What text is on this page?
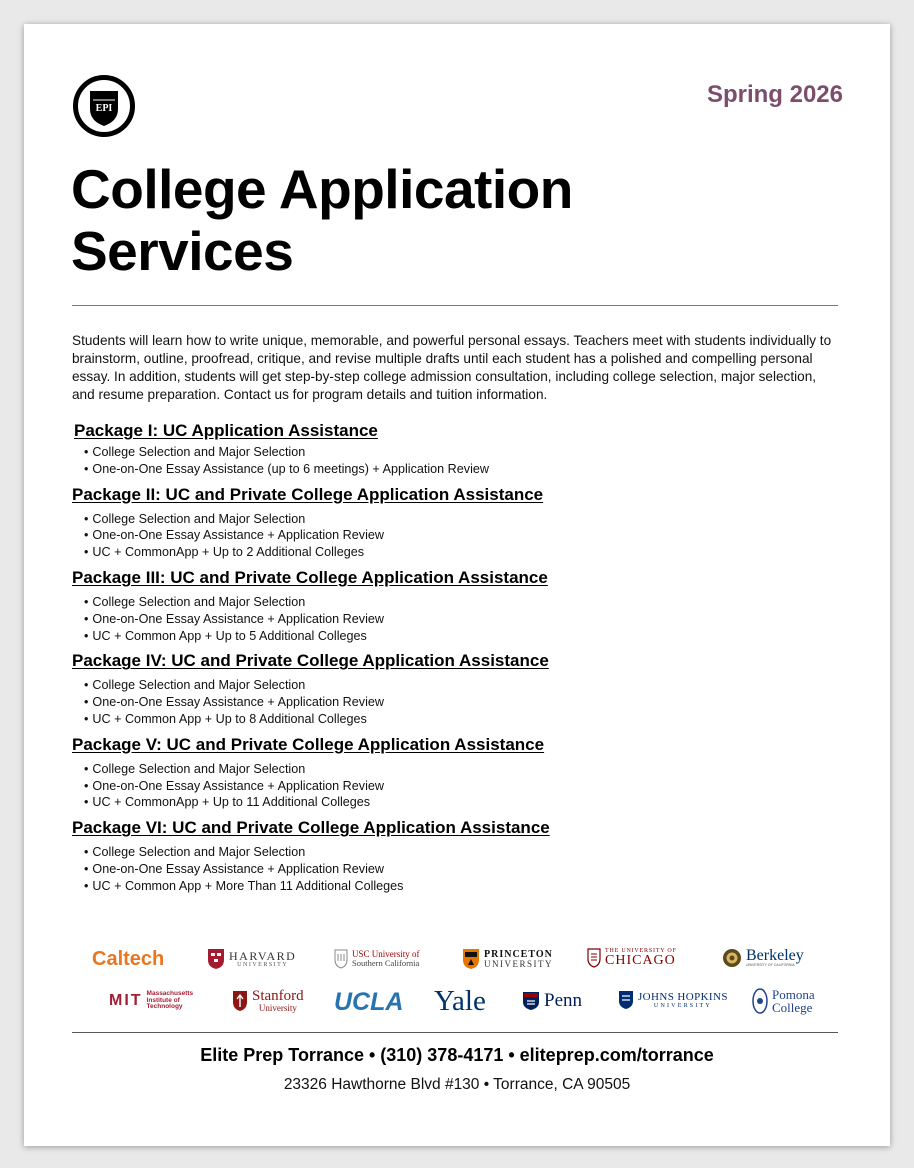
EPI

Spring 2026

College Application
Services

Students will learn how to write unique, memorable, and powerful personal essays. Teachers meet with students individually to brainstorm, outline, proofread, critique, and revise multiple drafts until each student has a polished and compelling personal essay. In addition, students will get step-by-step college admission consultation, including college selection, major selection, and resume preparation. Contact us for program details and tuition information.

Package I: UC Application Assistance
• College Selection and Major Selection
• One-on-One Essay Assistance (up to 6 meetings) + Application Review
Package II: UC and Private College Application Assistance
• College Selection and Major Selection
• One-on-One Essay Assistance + Application Review
• UC + CommonApp + Up to 2 Additional Colleges
Package III: UC and Private College Application Assistance
• College Selection and Major Selection
• One-on-One Essay Assistance + Application Review
• UC + Common App + Up to 5 Additional Colleges
Package IV: UC and Private College Application Assistance
• College Selection and Major Selection
• One-on-One Essay Assistance + Application Review
• UC + Common App + Up to 8 Additional Colleges
Package V: UC and Private College Application Assistance
• College Selection and Major Selection
• One-on-One Essay Assistance + Application Review
• UC + CommonApp + Up to 11 Additional Colleges
Package VI: UC and Private College Application Assistance
• College Selection and Major Selection
• One-on-One Essay Assistance + Application Review
• UC + Common App + More Than 11 Additional Colleges
Caltech	HARVARD
UNIVERSITY
USC University of
Southern California
PRINCETON
UNIVERSITY
THE UNIVERSITY OF
CHICAGO	Berkeley
UNIVERSITY OF CALIFORNIA
MIT Massachusetts
Institute of
Technology
Stanford
University UCLA Yale	Penn	JOHNS HOPKINS
UNIVERSITY
Pomona
College

Elite Prep Torrance • (310) 378-4171 • eliteprep.com/torrance

23326 Hawthorne Blvd #130 • Torrance, CA 90505
